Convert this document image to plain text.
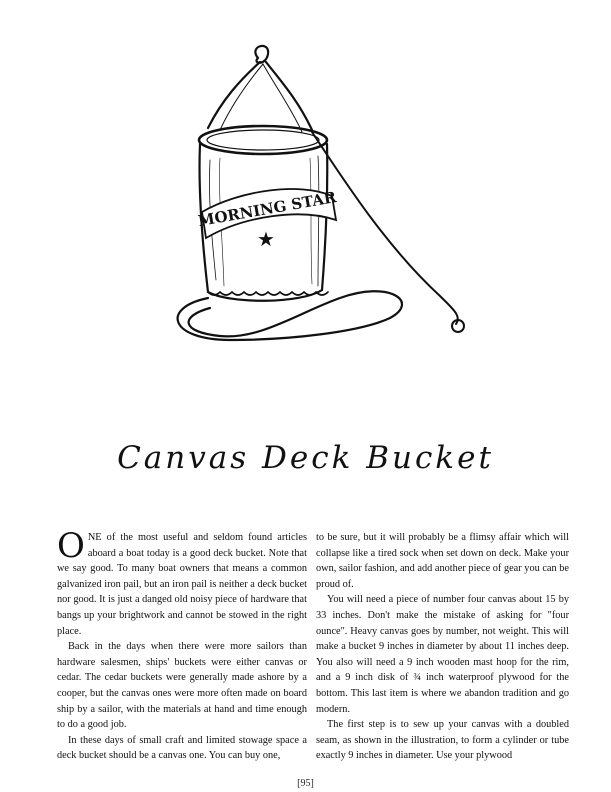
MORNING STAR
★
Canvas Deck Bucket

ONE of the most useful and seldom found articles aboard a boat today is a good deck bucket. Note that we say good. To many boat owners that means a common galvanized iron pail, but an iron pail is neither a deck bucket nor good. It is just a danged old noisy piece of hardware that bangs up your brightwork and cannot be stowed in the right place.

Back in the days when there were more sailors than hardware salesmen, ships' buckets were either canvas or cedar. The cedar buckets were generally made ashore by a cooper, but the canvas ones were more often made on board ship by a sailor, with the materials at hand and time enough to do a good job.

In these days of small craft and limited stowage space a deck bucket should be a canvas one. You can buy one,

to be sure, but it will probably be a flimsy affair which will collapse like a tired sock when set down on deck. Make your own, sailor fashion, and add another piece of gear you can be proud of.

You will need a piece of number four canvas about 15 by 33 inches. Don't make the mistake of asking for "four ounce". Heavy canvas goes by number, not weight. This will make a bucket 9 inches in diameter by about 11 inches deep. You also will need a 9 inch wooden mast hoop for the rim, and a 9 inch disk of ¾ inch waterproof plywood for the bottom. This last item is where we abandon tradition and go modern.

The first step is to sew up your canvas with a doubled seam, as shown in the illustration, to form a cylinder or tube exactly 9 inches in diameter. Use your plywood

[95]
